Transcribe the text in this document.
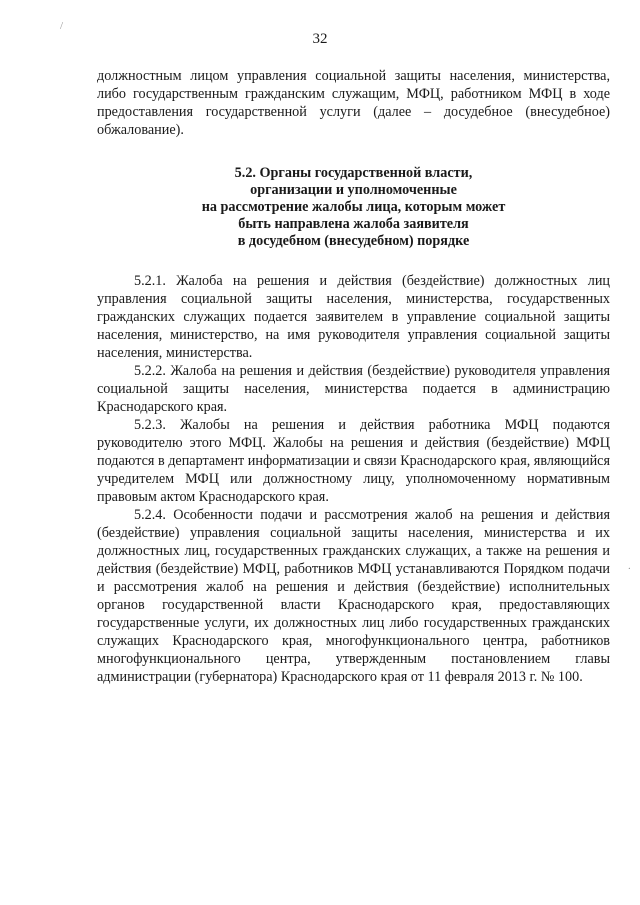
/
.
32

должностным лицом управления социальной защиты населения, министерства, либо государственным гражданским служащим, МФЦ, работником МФЦ в ходе предоставления государственной услуги (далее – досудебное (внесудебное) обжалование).

5.2. Органы государственной власти,
организации и уполномоченные
на рассмотрение жалобы лица, которым может
быть направлена жалоба заявителя
в досудебном (внесудебном) порядке

5.2.1. Жалоба на решения и действия (бездействие) должностных лиц управления социальной защиты населения, министерства, государственных гражданских служащих подается заявителем в управление социальной защиты населения, министерство, на имя руководителя управления социальной защиты населения, министерства.

5.2.2. Жалоба на решения и действия (бездействие) руководителя управления социальной защиты населения, министерства подается в администрацию Краснодарского края.

5.2.3. Жалобы на решения и действия работника МФЦ подаются руководителю этого МФЦ. Жалобы на решения и действия (бездействие) МФЦ подаются в департамент информатизации и связи Краснодарского края, являющийся учредителем МФЦ или должностному лицу, уполномоченному нормативным правовым актом Краснодарского края.

5.2.4. Особенности подачи и рассмотрения жалоб на решения и действия (бездействие) управления социальной защиты населения, министерства и их должностных лиц, государственных гражданских служащих, а также на решения и действия (бездействие) МФЦ, работников МФЦ устанавливаются Порядком подачи и рассмотрения жалоб на решения и действия (бездействие) исполнительных органов государственной власти Краснодарского края, предоставляющих государственные услуги, их должностных лиц либо государственных гражданских служащих Краснодарского края, многофункционального центра, работников многофункционального центра, утвержденным постановлением главы администрации (губернатора) Краснодарского края от 11 февраля 2013 г. № 100.
